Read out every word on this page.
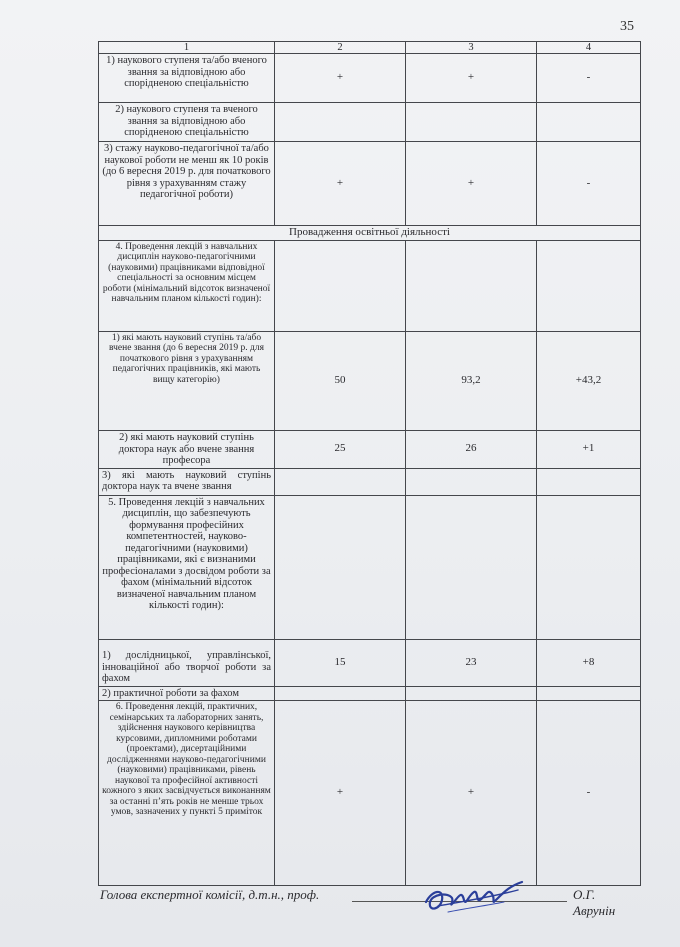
35
1	2	3	4
1) наукового ступеня та/або вченого звання за відповідною або спорідненою спеціальністю	+	+	-
2) наукового ступеня та вченого звання за відповідною або спорідненою спеціальністю			
3) стажу науково-педагогічної та/або наукової роботи не менш як 10 років (до 6 вересня 2019 р. для початкового рівня з урахуванням стажу педагогічної роботи)	+	+	-
Провадження освітньої діяльності			
4. Проведення лекцій з навчальних дисциплін науково-педагогічними (науковими) працівниками відповідної спеціальності за основним місцем роботи (мінімальний відсоток визначеної навчальним планом кількості годин):			
1) які мають науковий ступінь та/або вчене звання (до 6 вересня 2019 р. для початкового рівня з урахуванням педагогічних працівників, які мають вищу категорію)	50	93,2	+43,2
2) які мають науковий ступінь доктора наук або вчене звання професора	25	26	+1
3) які мають науковий ступінь доктора наук та вчене звання			
5. Проведення лекцій з навчальних дисциплін, що забезпечують формування професійних компетентностей, науково-педагогічними (науковими) працівниками, які є визнаними професіоналами з досвідом роботи за фахом (мінімальний відсоток визначеної навчальним планом кількості годин):			
1) дослідницької, управлінської, інноваційної або творчої роботи за фахом	15	23	+8
2) практичної роботи за фахом			
6. Проведення лекцій, практичних, семінарських та лабораторних занять, здійснення наукового керівництва курсовими, дипломними роботами (проектами), дисертаційними дослідженнями науково-педагогічними (науковими) працівниками, рівень наукової та професійної активності кожного з яких засвідчується виконанням за останні п’ять років не менше трьох умов, зазначених у пункті 5 приміток	+	+	-
Голова експертної комісії, д.т.н., проф.	О.Г. Аврунін
